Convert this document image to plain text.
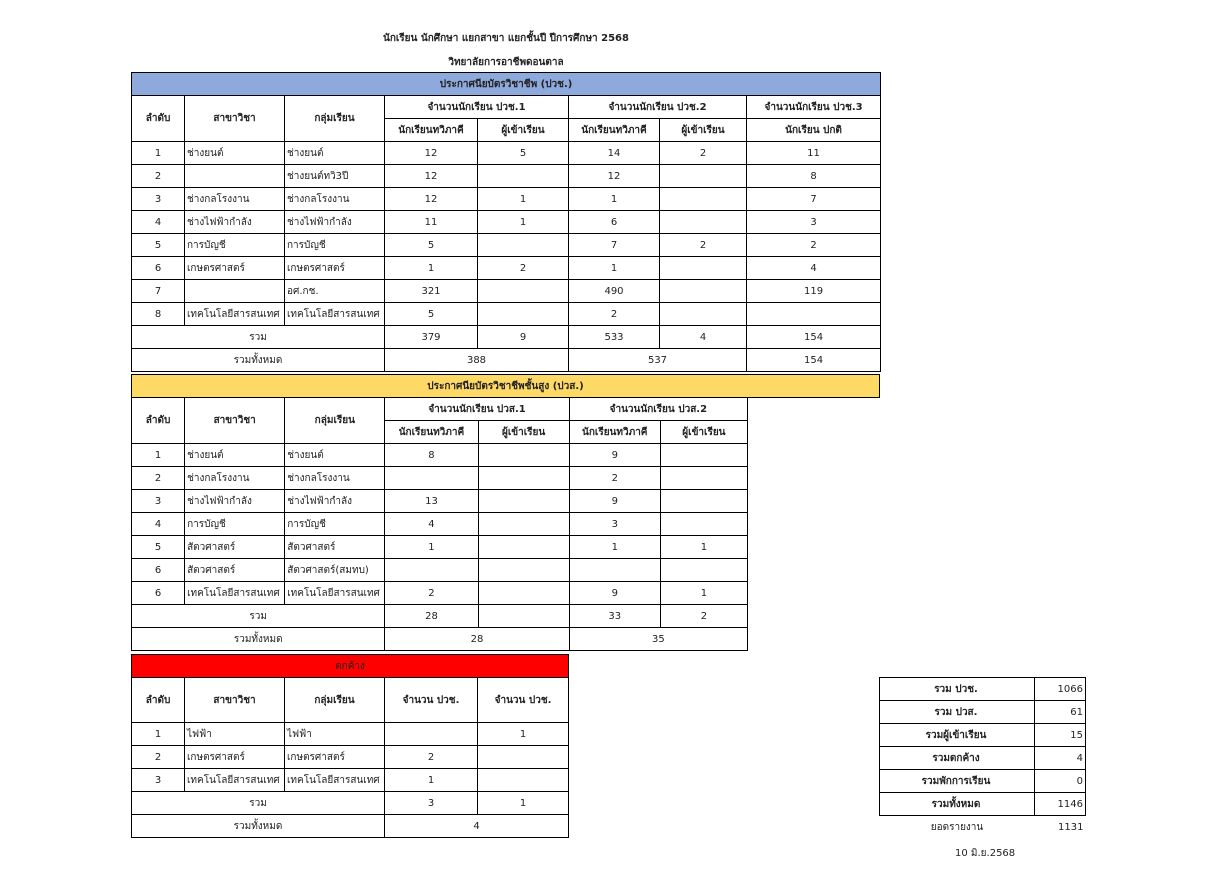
นักเรียน นักศึกษา แยกสาขา แยกชั้นปี ปีการศึกษา 2568
วิทยาลัยการอาชีพดอนตาล
ประกาศนียบัตรวิชาชีพ (ปวช.)							
ลำดับ	สาขาวิชา	กลุ่มเรียน	จำนวนนักเรียน ปวช.1		จำนวนนักเรียน ปวช.2		จำนวนนักเรียน ปวช.3
			นักเรียนทวิภาคี	ผู้เข้าเรียน	นักเรียนทวิภาคี	ผู้เข้าเรียน	นักเรียน ปกติ
1	ช่างยนต์	ช่างยนต์	12	5	14	2	11
2		ช่างยนต์ทวิ3ปี	12		12		8
3	ช่างกลโรงงาน	ช่างกลโรงงาน	12	1	1		7
4	ช่างไฟฟ้ากำลัง	ช่างไฟฟ้ากำลัง	11	1	6		3
5	การบัญชี	การบัญชี	5		7	2	2
6	เกษตรศาสตร์	เกษตรศาสตร์	1	2	1		4
7		อศ.กช.	321		490		119
8	เทคโนโลยีสารสนเทศ	เทคโนโลยีสารสนเทศ	5		2		
รวม			379	9	533	4	154
รวมทั้งหมด			388		537		154
ประกาศนียบัตรวิชาชีพชั้นสูง (ปวส.)
ลำดับ	สาขาวิชา	กลุ่มเรียน	จำนวนนักเรียน ปวส.1		จำนวนนักเรียน ปวส.2	
			นักเรียนทวิภาคี	ผู้เข้าเรียน	นักเรียนทวิภาคี	ผู้เข้าเรียน
1	ช่างยนต์	ช่างยนต์	8		9	
2	ช่างกลโรงงาน	ช่างกลโรงงาน			2	
3	ช่างไฟฟ้ากำลัง	ช่างไฟฟ้ากำลัง	13		9	
4	การบัญชี	การบัญชี	4		3	
5	สัตวศาสตร์	สัตวศาสตร์	1		1	1
6	สัตวศาสตร์	สัตวศาสตร์(สมทบ)				
6	เทคโนโลยีสารสนเทศ	เทคโนโลยีสารสนเทศ	2		9	1
รวม			28		33	2
รวมทั้งหมด			28		35	
ตกค้าง				
ลำดับ	สาขาวิชา	กลุ่มเรียน	จำนวน ปวช.	จำนวน ปวช.
1	ไฟฟ้า	ไฟฟ้า		1
2	เกษตรศาสตร์	เกษตรศาสตร์	2	
3	เทคโนโลยีสารสนเทศ	เทคโนโลยีสารสนเทศ	1	
รวม			3	1
รวมทั้งหมด			4	
รวม ปวช.	1066
รวม ปวส.	61
รวมผู้เข้าเรียน	15
รวมตกค้าง	4
รวมพักการเรียน	0
รวมทั้งหมด	1146
ยอดรายงาน	1131
10 มิ.ย.2568
